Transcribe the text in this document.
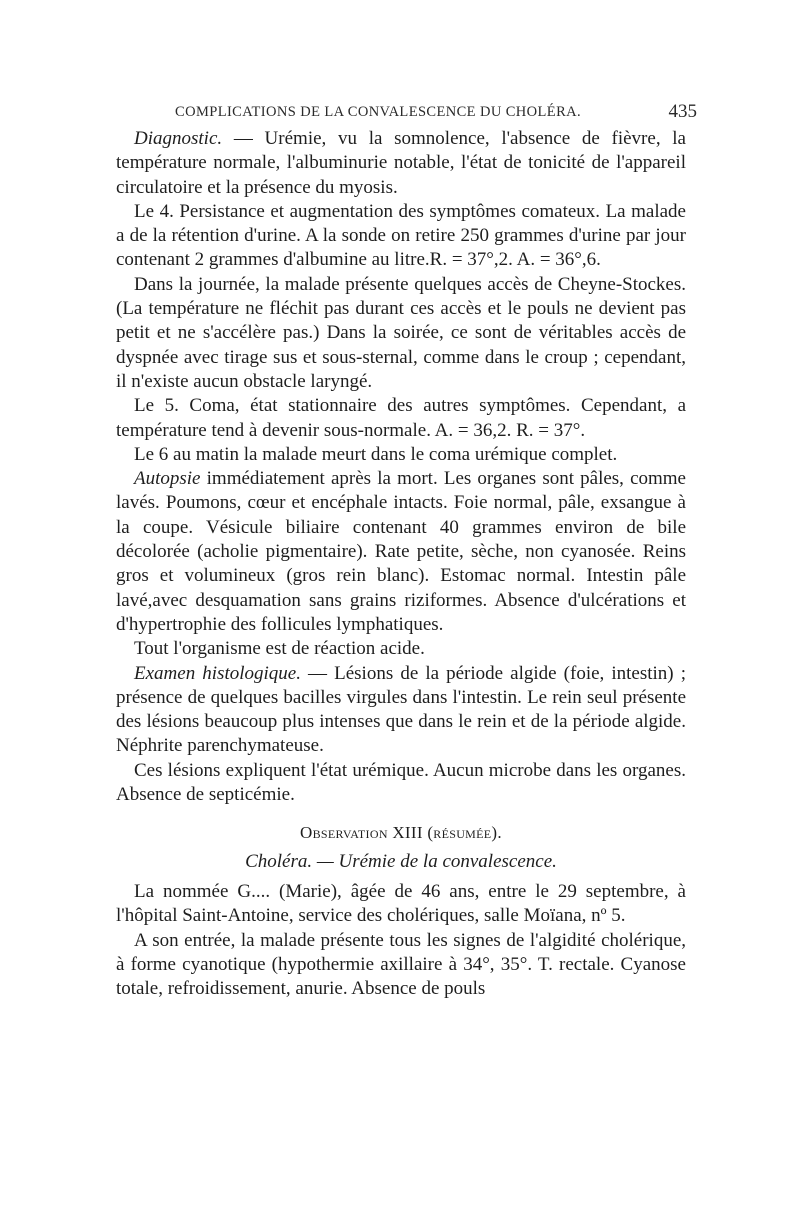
COMPLICATIONS DE LA CONVALESCENCE DU CHOLÉRA.	435

Diagnostic. — Urémie, vu la somnolence, l'absence de fièvre, la température normale, l'albuminurie notable, l'état de tonicité de l'appareil circulatoire et la présence du myosis.

Le 4. Persistance et augmentation des symptômes comateux. La malade a de la rétention d'urine. A la sonde on retire 250 grammes d'urine par jour contenant 2 grammes d'albumine au litre.R. = 37°,2. A. = 36°,6.

Dans la journée, la malade présente quelques accès de Cheyne-Stockes. (La température ne fléchit pas durant ces accès et le pouls ne devient pas petit et ne s'accélère pas.) Dans la soirée, ce sont de véritables accès de dyspnée avec tirage sus et sous-sternal, comme dans le croup ; cependant, il n'existe aucun obstacle laryngé.

Le 5. Coma, état stationnaire des autres symptômes. Cependant, a température tend à devenir sous-normale. A. = 36,2. R. = 37°.

Le 6 au matin la malade meurt dans le coma urémique complet.

Autopsie immédiatement après la mort. Les organes sont pâles, comme lavés. Poumons, cœur et encéphale intacts. Foie normal, pâle, exsangue à la coupe. Vésicule biliaire contenant 40 grammes environ de bile décolorée (acholie pigmentaire). Rate petite, sèche, non cyanosée. Reins gros et volumineux (gros rein blanc). Estomac normal. Intestin pâle lavé,avec desquamation sans grains riziformes. Absence d'ulcérations et d'hypertrophie des follicules lymphatiques.

Tout l'organisme est de réaction acide.

Examen histologique. — Lésions de la période algide (foie, intestin) ; présence de quelques bacilles virgules dans l'intestin. Le rein seul présente des lésions beaucoup plus intenses que dans le rein et de la période algide. Néphrite parenchymateuse.

Ces lésions expliquent l'état urémique. Aucun microbe dans les organes. Absence de septicémie.

Observation XIII (résumée).

Choléra. — Urémie de la convalescence.

La nommée G.... (Marie), âgée de 46 ans, entre le 29 septembre, à l'hôpital Saint-Antoine, service des cholériques, salle Moïana, nº 5.

A son entrée, la malade présente tous les signes de l'algidité cholérique, à forme cyanotique (hypothermie axillaire à 34°, 35°. T. rectale. Cyanose totale, refroidissement, anurie. Absence de pouls
